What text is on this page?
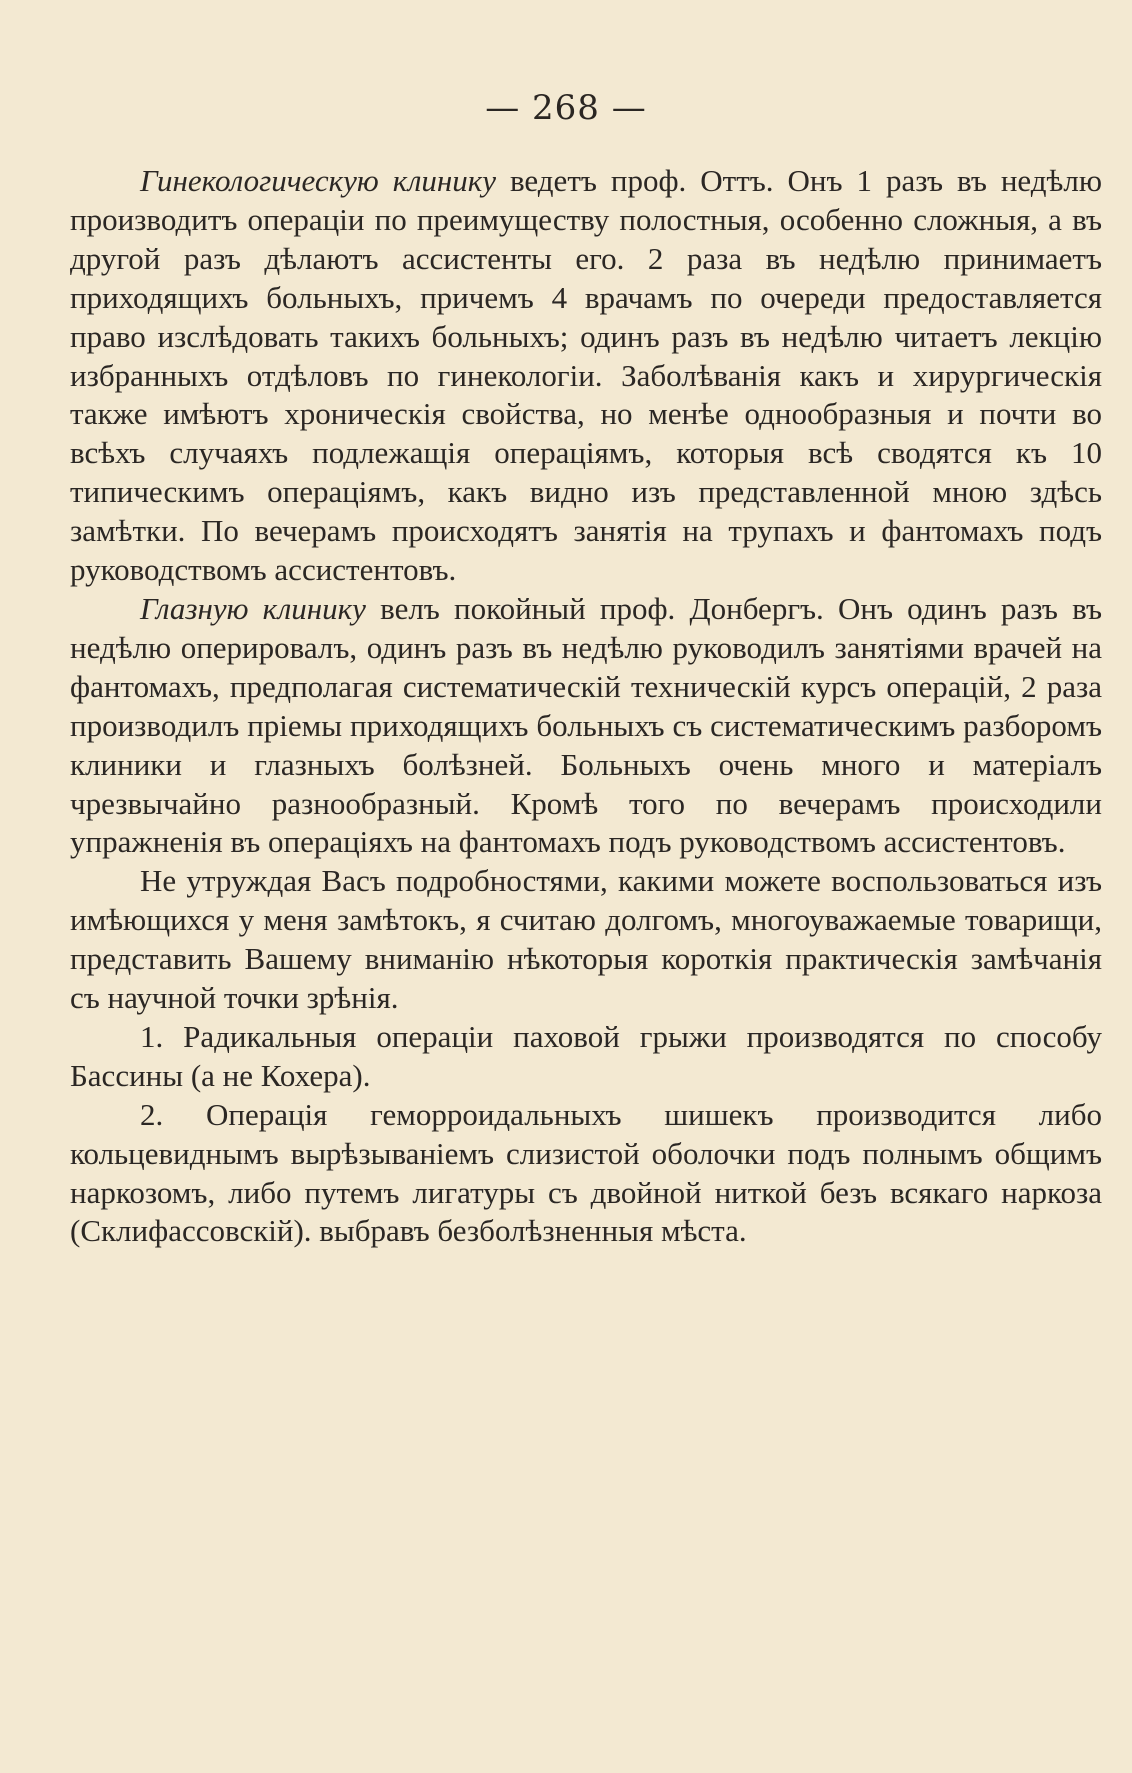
— 268 —

Гинекологическую клинику ведетъ проф. Оттъ. Онъ 1 разъ въ недѣлю производитъ операціи по преимуществу полостныя, особенно сложныя, а въ другой разъ дѣлаютъ ассистенты его. 2 раза въ недѣлю принимаетъ приходящихъ больныхъ, причемъ 4 врачамъ по очереди предоставляется право изслѣдовать такихъ больныхъ; одинъ разъ въ недѣлю читаетъ лекцію избранныхъ отдѣловъ по гинекологіи. Заболѣванія какъ и хирургическія также имѣютъ хроническія свойства, но менѣе однообразныя и почти во всѣхъ случаяхъ подлежащія операціямъ, которыя всѣ сводятся къ 10 типическимъ операціямъ, какъ видно изъ представленной мною здѣсь замѣтки. По вечерамъ происходятъ занятія на трупахъ и фантомахъ подъ руководствомъ ассистентовъ.

Глазную клинику велъ покойный проф. Донбергъ. Онъ одинъ разъ въ недѣлю оперировалъ, одинъ разъ въ недѣлю руководилъ занятіями врачей на фантомахъ, предполагая систематическій техническій курсъ операцій, 2 раза производилъ пріемы приходящихъ больныхъ съ систематическимъ разборомъ клиники и глазныхъ болѣзней. Больныхъ очень много и матеріалъ чрезвычайно разнообразный. Кромѣ того по вечерамъ происходили упражненія въ операціяхъ на фантомахъ подъ руководствомъ ассистентовъ.

Не утруждая Васъ подробностями, какими можете воспользоваться изъ имѣющихся у меня замѣтокъ, я считаю долгомъ, многоуважаемые товарищи, представить Вашему вниманію нѣкоторыя короткія практическія замѣчанія съ научной точки зрѣнія.

1. Радикальныя операціи паховой грыжи производятся по способу Бассины (а не Кохера).

2. Операція геморроидальныхъ шишекъ производится либо кольцевиднымъ вырѣзываніемъ слизистой оболочки подъ полнымъ общимъ наркозомъ, либо путемъ лигатуры съ двойной ниткой безъ всякаго наркоза (Склифассовскій). выбравъ безболѣзненныя мѣста.
